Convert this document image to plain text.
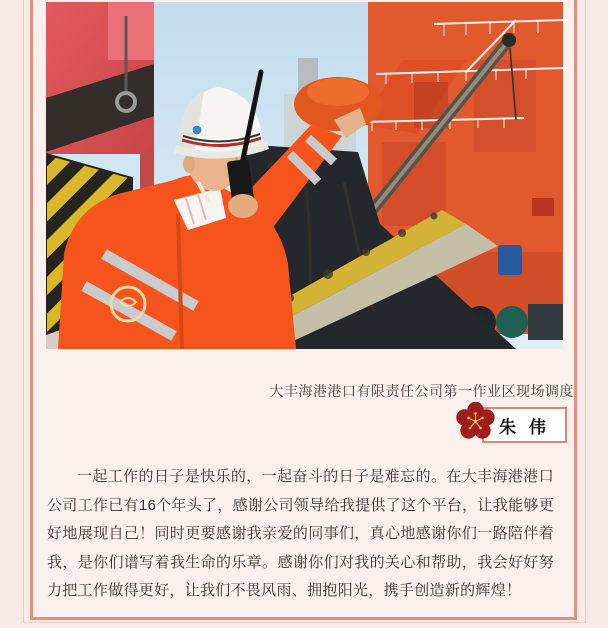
大丰海港港口有限责任公司第一作业区现场调度
朱 伟
一起工作的日子是快乐的，一起奋斗的日子是难忘的。在大丰海港港口公司工作已有16个年头了，感谢公司领导给我提供了这个平台，让我能够更好地展现自己！同时更要感谢我亲爱的同事们，真心地感谢你们一路陪伴着我，是你们谱写着我生命的乐章。感谢你们对我的关心和帮助，我会好好努力把工作做得更好，让我们不畏风雨、拥抱阳光，携手创造新的辉煌！
